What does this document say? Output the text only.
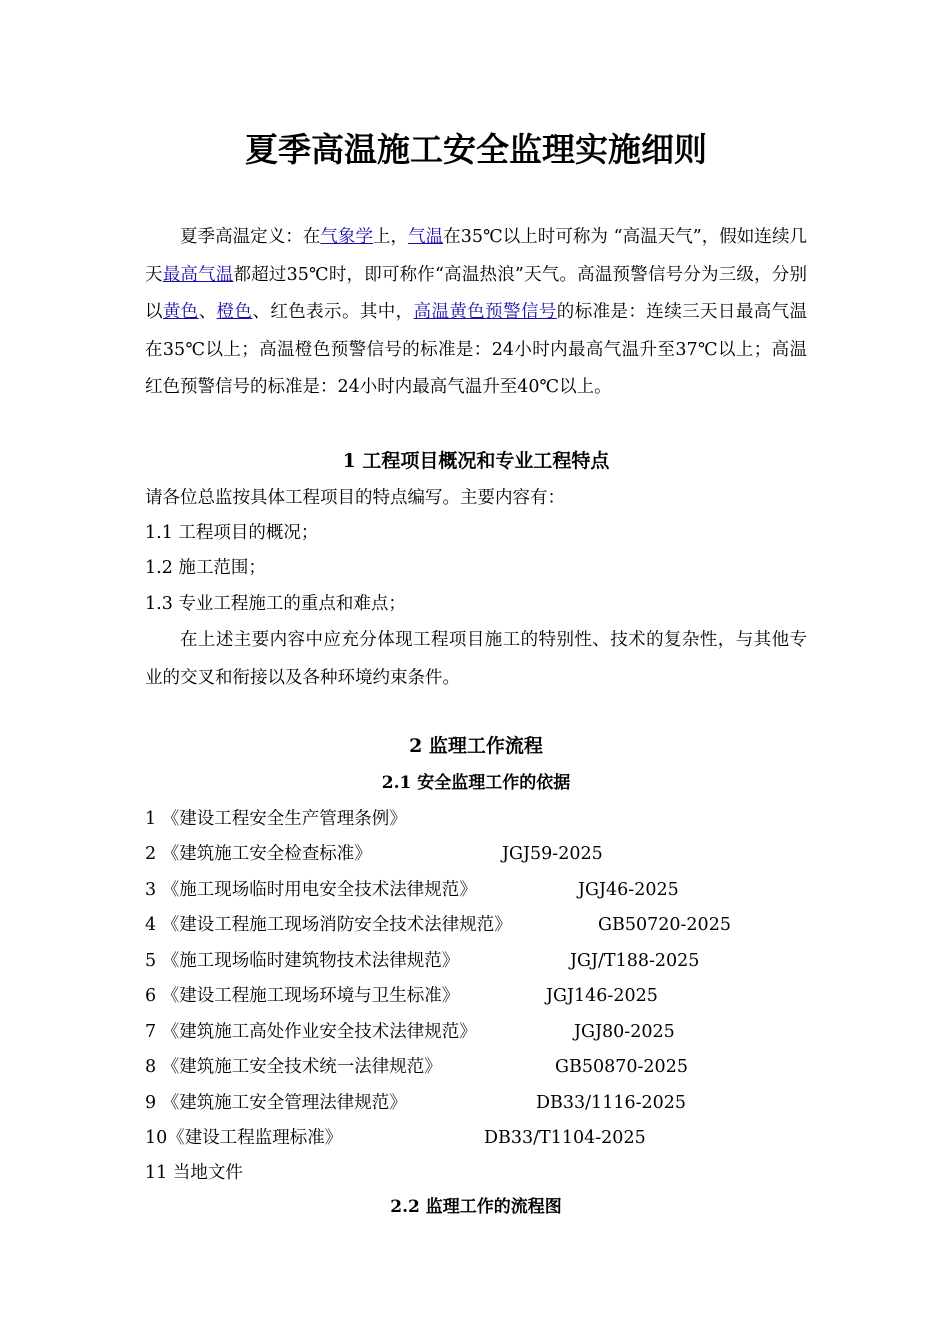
夏季高温施工安全监理实施细则
夏季高温定义：在气象学上，气温在35℃以上时可称为 “高温天气”，假如连续几天最高气温都超过35℃时，即可称作“高温热浪”天气。高温预警信号分为三级，分别以黄色、橙色、红色表示。其中，高温黄色预警信号的标准是：连续三天日最高气温在35℃以上；高温橙色预警信号的标准是：24小时内最高气温升至37℃以上；高温红色预警信号的标准是：24小时内最高气温升至40℃以上。
1 工程项目概况和专业工程特点
请各位总监按具体工程项目的特点编写。主要内容有：
1.1 工程项目的概况；
1.2 施工范围；
1.3 专业工程施工的重点和难点；
在上述主要内容中应充分体现工程项目施工的特别性、技术的复杂性，与其他专业的交叉和衔接以及各种环境约束条件。
2 监理工作流程
2.1 安全监理工作的依据
1 《建设工程安全生产管理条例》
2 《建筑施工安全检查标准》	JGJ59-2025
3 《施工现场临时用电安全技术法律规范》	JGJ46-2025
4 《建设工程施工现场消防安全技术法律规范》	GB50720-2025
5 《施工现场临时建筑物技术法律规范》	JGJ/T188-2025
6 《建设工程施工现场环境与卫生标准》	JGJ146-2025
7 《建筑施工高处作业安全技术法律规范》	JGJ80-2025
8 《建筑施工安全技术统一法律规范》	GB50870-2025
9 《建筑施工安全管理法律规范》	DB33/1116-2025
10《建设工程监理标准》	DB33/T1104-2025
11 当地文件
2.2 监理工作的流程图
